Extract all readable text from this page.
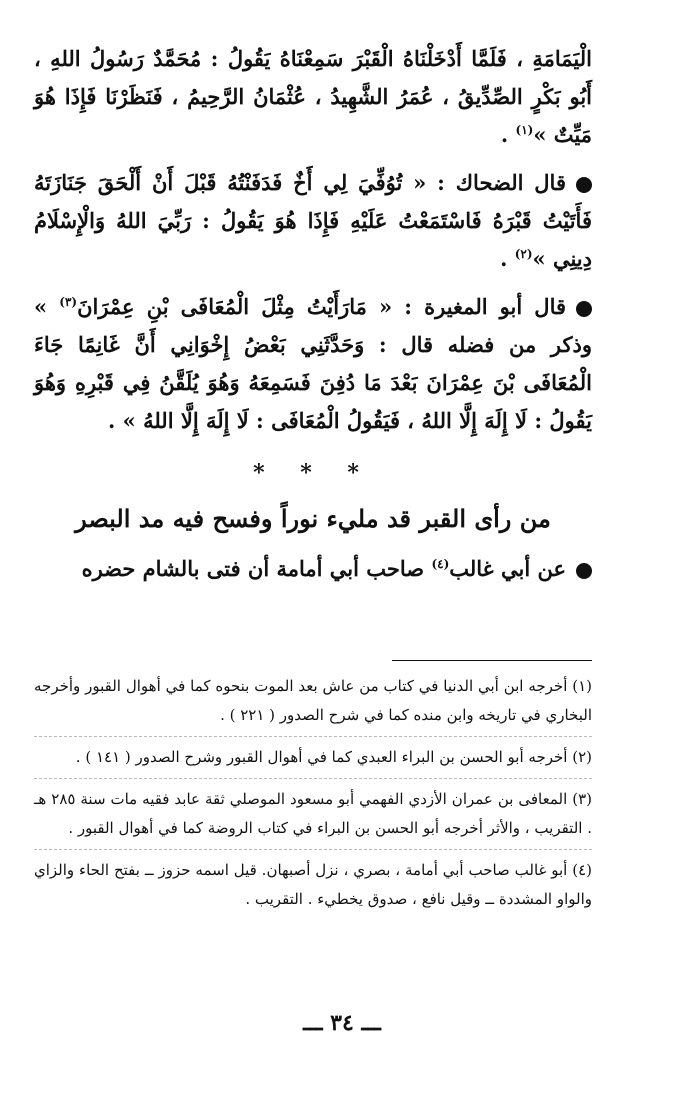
الْيَمَامَةِ ، فَلَمَّا أَدْخَلْنَاهُ الْقَبْرَ سَمِعْنَاهُ يَقُولُ : مُحَمَّدٌ رَسُولُ اللهِ ، أَبُو بَكْرٍ الصِّدِّيقُ ، عُمَرُ الشَّهِيدُ ، عُثْمَانُ الرَّحِيمُ ، فَنَظَرْنَا فَإِذَا هُوَ مَيِّتٌ »$^{(١)}$ .

قال الضحاك : « تُوُفِّيَ لِي أَخٌ فَدَفَنْتُهُ قَبْلَ أَنْ أَلْحَقَ جَنَازَتَهُ فَأَتَيْتُ قَبْرَهُ فَاسْتَمَعْتُ عَلَيْهِ فَإِذَا هُوَ يَقُولُ : رَبِّيَ اللهُ وَالْإِسْلَامُ دِينِي »$^{(٢)}$ .

قال أبو المغيرة : « مَارَأَيْتُ مِثْلَ الْمُعَافَى بْنِ عِمْرَانَ$^{(٣)}$ » وذكر من فضله قال : وَحَدَّثَنِي بَعْضُ إِخْوَانِي أَنَّ غَانِمًا جَاءَ الْمُعَافَى بْنَ عِمْرَانَ بَعْدَ مَا دُفِنَ فَسَمِعَهُ وَهُوَ يُلَقَّنُ فِي قَبْرِهِ وَهُوَ يَقُولُ : لَا إِلَهَ إِلَّا اللهُ ، فَيَقُولُ الْمُعَافَى : لَا إِلَهَ إِلَّا اللهُ » .

* * *
من رأى القبر قد مليء نوراً وفسح فيه مد البصر

عن أبي غالب$^{(٤)}$ صاحب أبي أمامة أن فتى بالشام حضره

(١) أخرجه ابن أبي الدنيا في كتاب من عاش بعد الموت بنحوه كما في أهوال القبور وأخرجه البخاري في تاريخه وابن منده كما في شرح الصدور ( ٢٢١ ) .

(٢) أخرجه أبو الحسن بن البراء العبدي كما في أهوال القبور وشرح الصدور ( ١٤١ ) .

(٣) المعافى بن عمران الأزدي الفهمي أبو مسعود الموصلي ثقة عابد فقيه مات سنة ٢٨٥ هـ . التقريب ، والأثر أخرجه أبو الحسن بن البراء في كتاب الروضة كما في أهوال القبور .

(٤) أبو غالب صاحب أبي أمامة ، بصري ، نزل أصبهان. قيل اسمه حزوز ــ بفتح الحاء والزاي والواو المشددة ــ وقيل نافع ، صدوق يخطيء . التقريب .

ـــ ٣٤ ـــ
